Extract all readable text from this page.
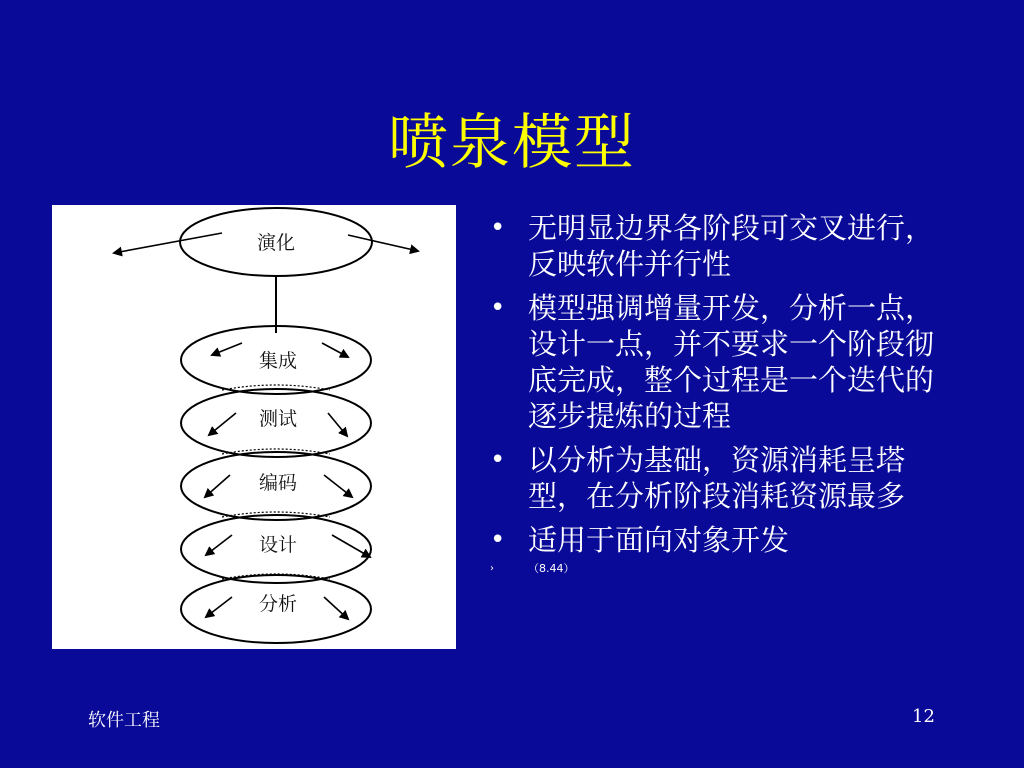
喷泉模型
演化
集成
测试
编码
设计
分析
• 无明显边界各阶段可交叉进行，反映软件并行性
• 模型强调增量开发，分析一点，设计一点，并不要求一个阶段彻底完成，整个过程是一个迭代的逐步提炼的过程
• 以分析为基础，资源消耗呈塔型，在分析阶段消耗资源最多
• 适用于面向对象开发
›	（8.44）
软件工程	12
